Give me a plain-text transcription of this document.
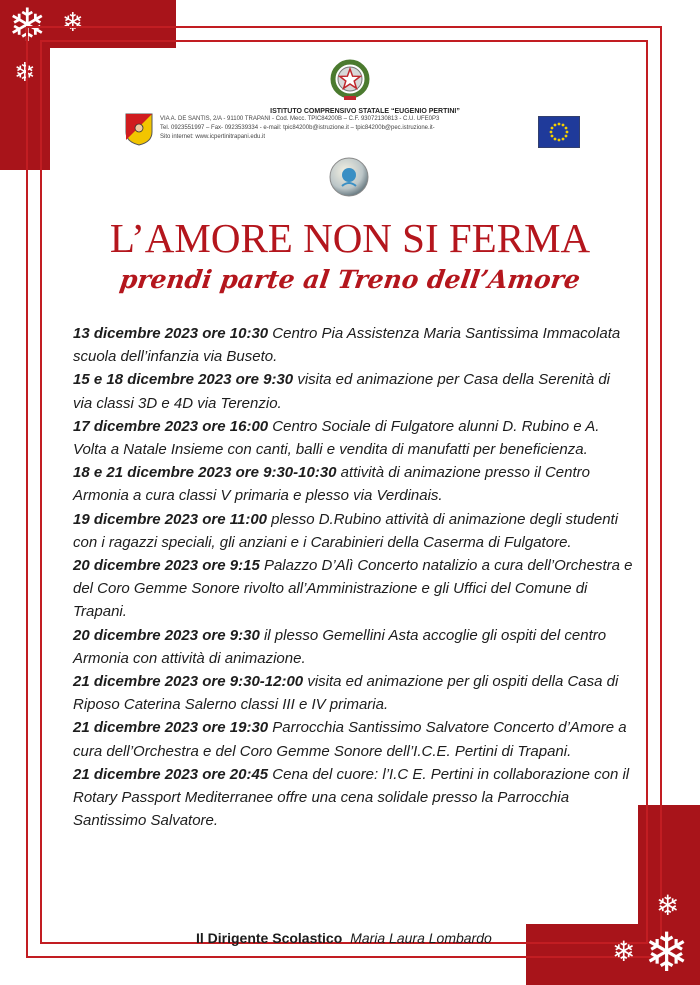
❄ ❄
❄
❄
❄ ❄
ISTITUTO COMPRENSIVO STATALE “EUGENIO PERTINI”
VIA A. DE SANTIS, 2/A - 91100 TRAPANI - Cod. Mecc. TPIC84200B – C.F. 93072130813 - C.U. UFE0P3
Tel. 0923551997 – Fax- 0923539334 - e-mail: tpic84200b@istruzione.it – tpic84200b@pec.istruzione.it-
Sito internet: www.icpertinitrapani.edu.it
L’AMORE NON SI FERMA
prendi parte al Treno dell’Amore

13 dicembre 2023 ore 10:30 Centro Pia Assistenza Maria Santissima Immacolata scuola dell’infanzia via Buseto.

15 e 18 dicembre 2023 ore 9:30 visita ed animazione per Casa della Serenità di via classi 3D e 4D via Terenzio.

17 dicembre 2023 ore 16:00 Centro Sociale di Fulgatore alunni D. Rubino e A. Volta a Natale Insieme con canti, balli e vendita di manufatti per beneficienza.

18 e 21 dicembre 2023 ore 9:30-10:30 attività di animazione presso il Centro Armonia a cura classi V primaria e plesso via Verdinais.

19 dicembre 2023 ore 11:00 plesso D.Rubino attività di animazione degli studenti con i ragazzi speciali, gli anziani e i Carabinieri della Caserma di Fulgatore.

20 dicembre 2023 ore 9:15 Palazzo D’Alì Concerto natalizio a cura dell’Orchestra e del Coro Gemme Sonore rivolto all’Amministrazione e gli Uffici del Comune di Trapani.

20 dicembre 2023 ore 9:30 il plesso Gemellini Asta accoglie gli ospiti del centro Armonia con attività di animazione.

21 dicembre 2023 ore 9:30-12:00 visita ed animazione per gli ospiti della Casa di Riposo Caterina Salerno classi III e IV primaria.

21 dicembre 2023 ore 19:30 Parrocchia Santissimo Salvatore Concerto d’Amore a cura dell’Orchestra e del Coro Gemme Sonore dell’I.C.E. Pertini di Trapani.

21 dicembre 2023 ore 20:45 Cena del cuore: l’I.C E. Pertini in collaborazione con il Rotary Passport Mediterranee offre una cena solidale presso la Parrocchia Santissimo Salvatore.

Il Dirigente Scolastico Maria Laura Lombardo
